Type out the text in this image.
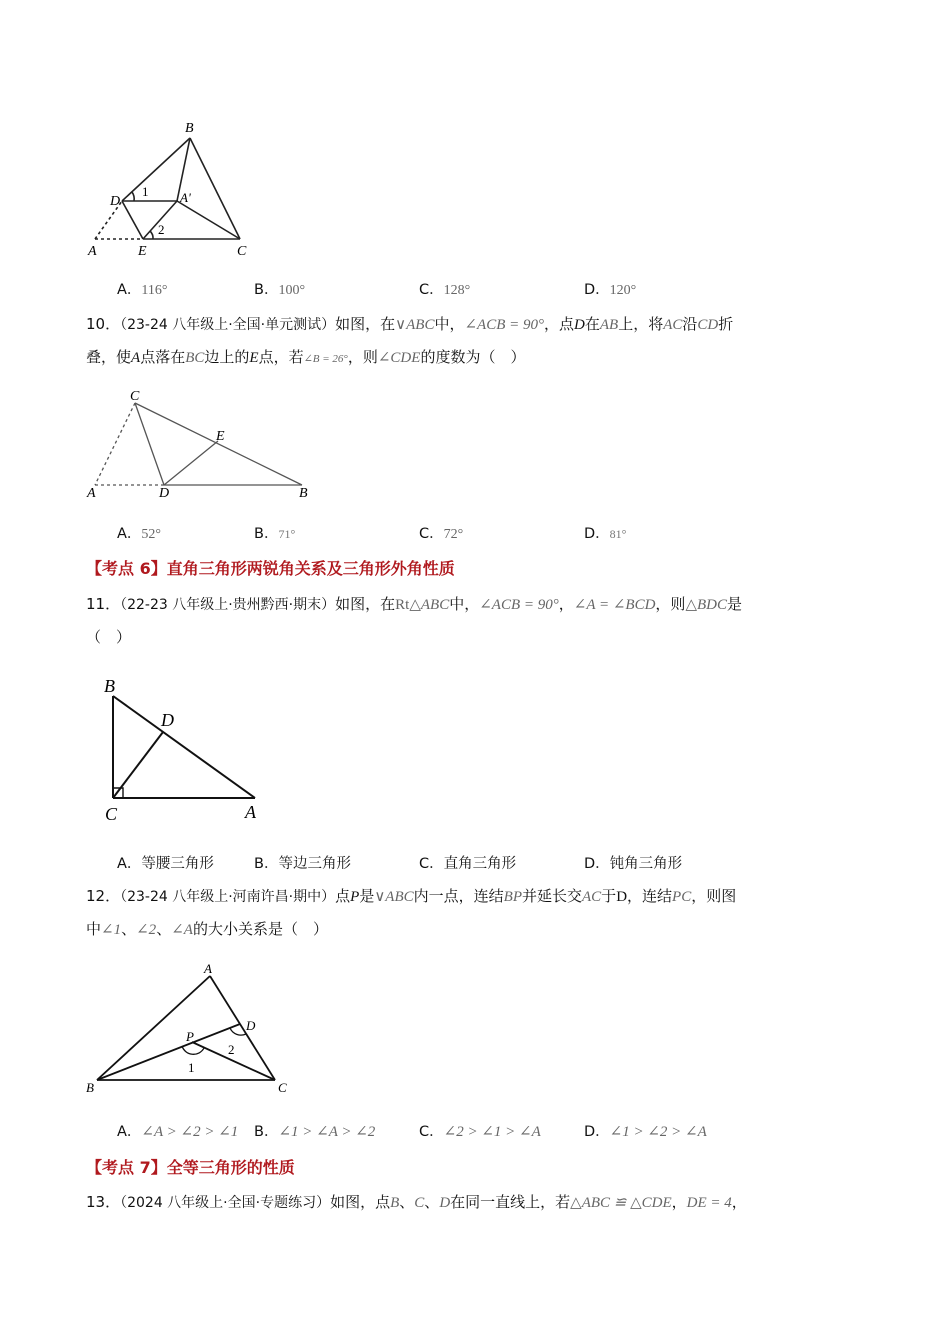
B
D
A	E	C
A'
1
2
A．116°	B．100°	C．128°	D．120°
10．（23-24 八年级上·全国·单元测试）如图，在∨ABC中，∠ACB = 90°，点D在AB上，将AC沿CD折
叠，使A点落在BC边上的E点，若∠B = 26°，则∠CDE的度数为（　）
C
E
A	D	B
A．52°	B．71°	C．72°	D．81°
【考点 6】直角三角形两锐角关系及三角形外角性质
11．（22-23 八年级上·贵州黔西·期末）如图，在Rt△ABC中，∠ACB = 90°，∠A = ∠BCD，则△BDC是
（　）
B
D
C	A
A．等腰三角形	B．等边三角形	C．直角三角形	D．钝角三角形
12．（23-24 八年级上·河南许昌·期中）点P是∨ABC内一点，连结BP并延长交AC于D，连结PC，则图
中∠1、∠2、∠A的大小关系是（　）
A
D
P
2
1
B	C
A．∠A > ∠2 > ∠1 B．∠1 > ∠A > ∠2	C．∠2 > ∠1 > ∠A	D．∠1 > ∠2 > ∠A
【考点 7】全等三角形的性质
13．（2024 八年级上·全国·专题练习）如图，点B、C、D在同一直线上，若△ABC ≌ △CDE，DE = 4，
